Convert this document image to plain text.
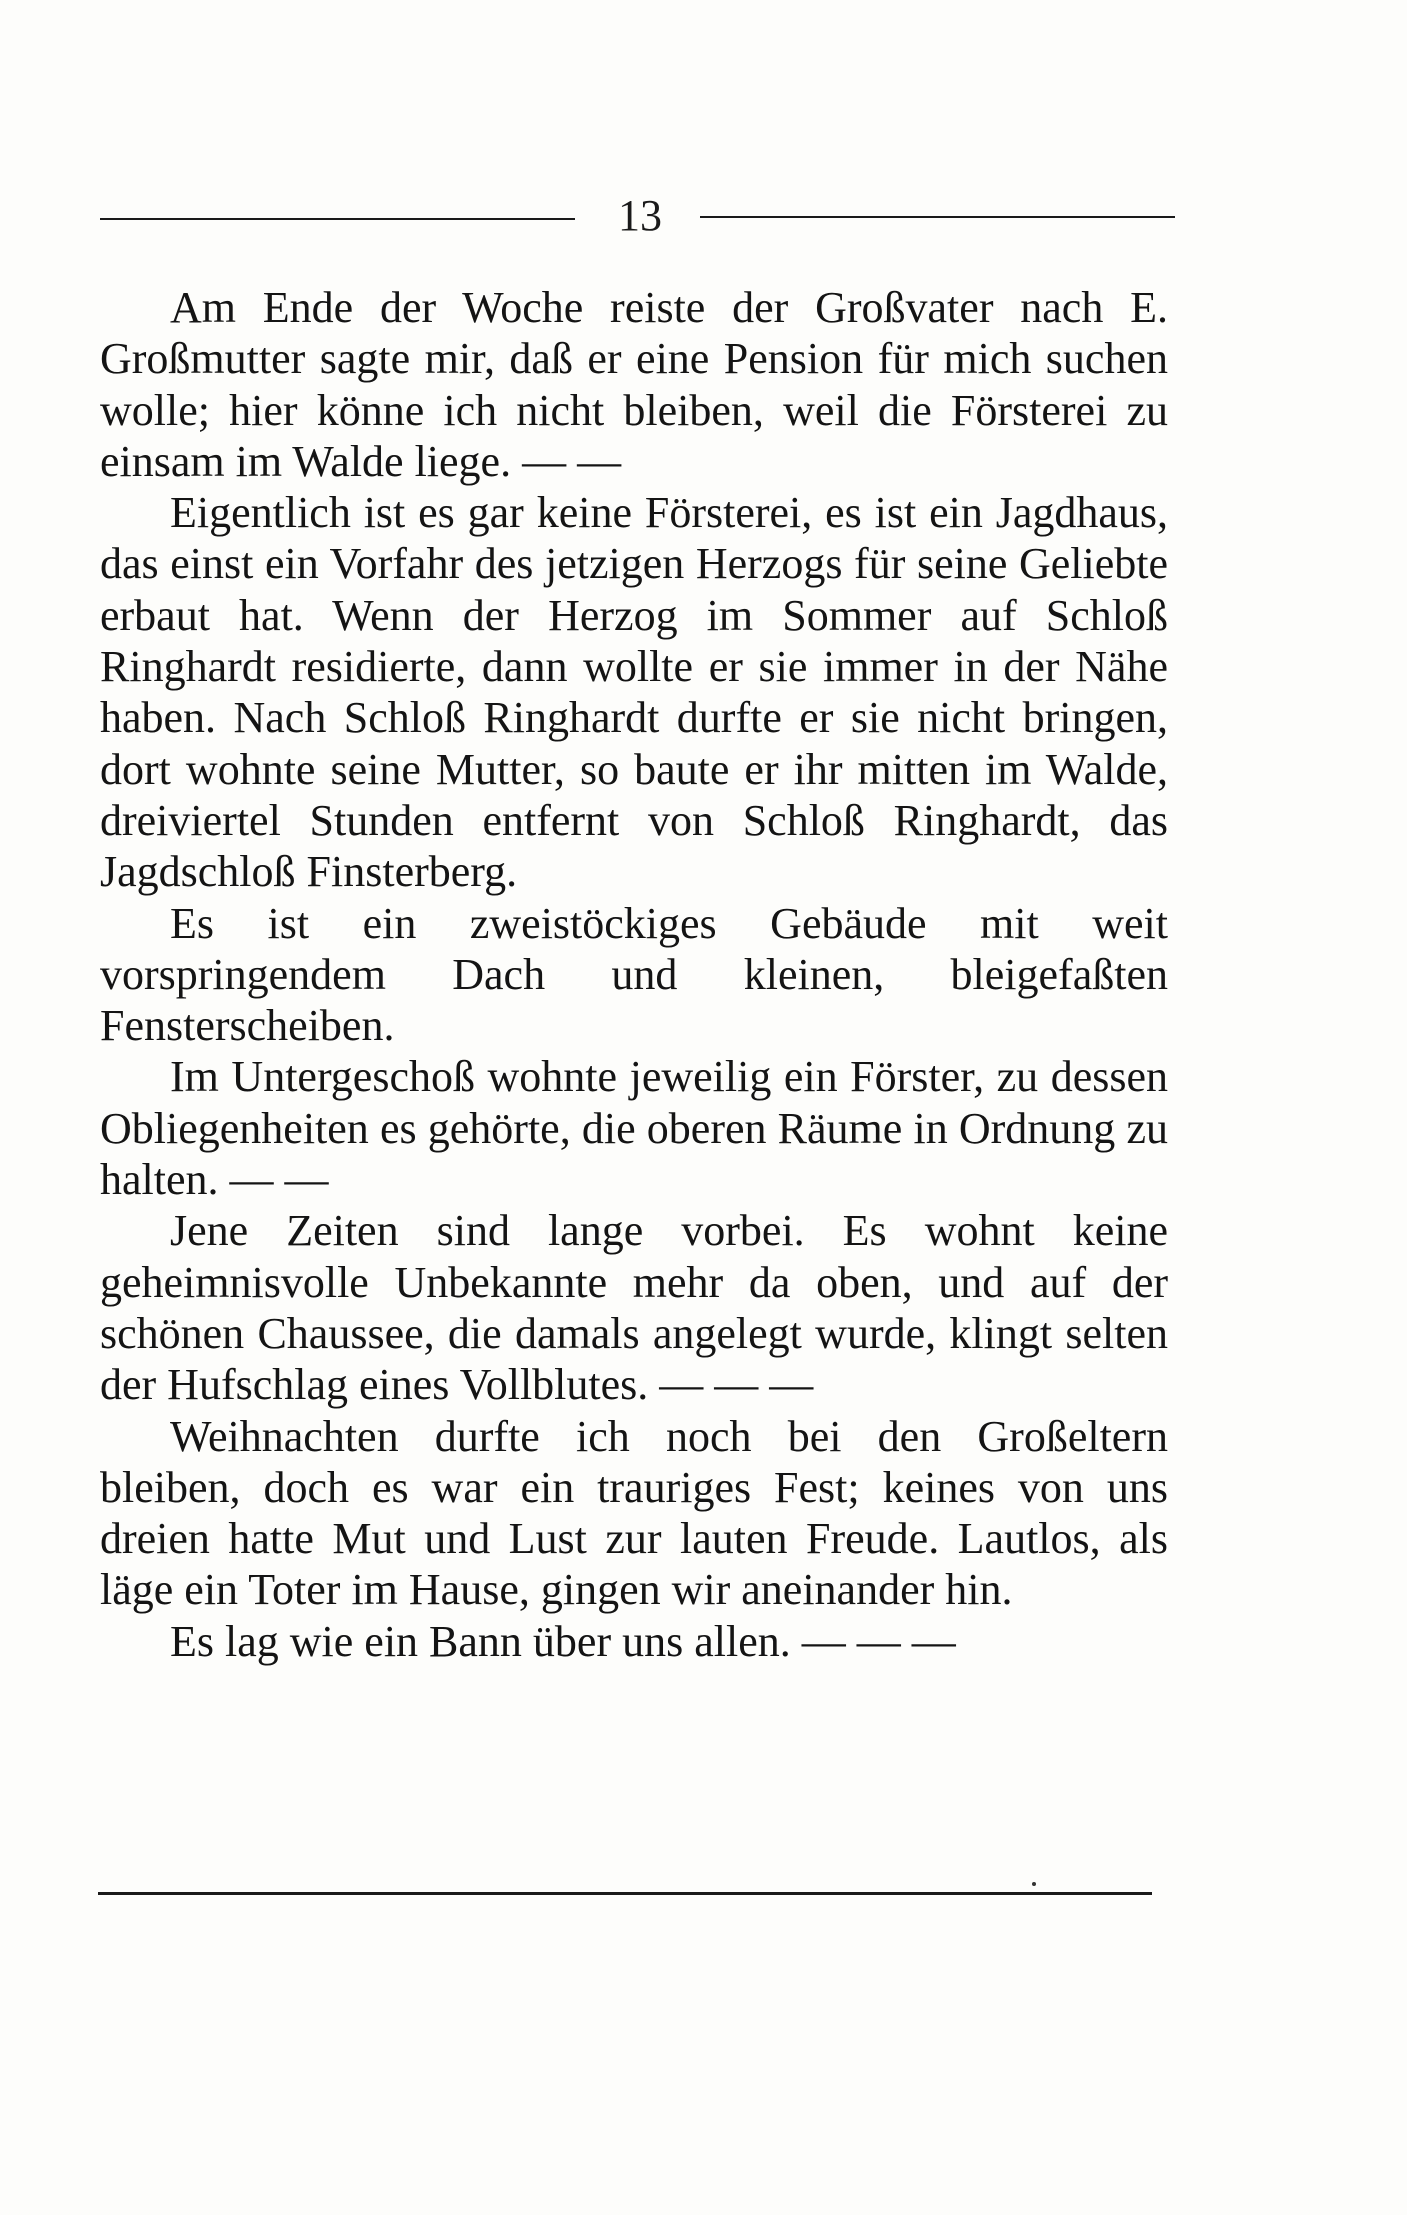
13

Am Ende der Woche reiste der Großvater nach E. Großmutter sagte mir, daß er eine Pension für mich suchen wolle; hier könne ich nicht bleiben, weil die Försterei zu einsam im Walde liege. — —

Eigentlich ist es gar keine Försterei, es ist ein Jagdhaus, das einst ein Vorfahr des jetzigen Herzogs für seine Geliebte erbaut hat. Wenn der Herzog im Sommer auf Schloß Ringhardt residierte, dann wollte er sie immer in der Nähe haben. Nach Schloß Ringhardt durfte er sie nicht bringen, dort wohnte seine Mutter, so baute er ihr mitten im Walde, dreiviertel Stunden entfernt von Schloß Ringhardt, das Jagdschloß Finsterberg.

Es ist ein zweistöckiges Gebäude mit weit vorspringendem Dach und kleinen, bleigefaßten Fensterscheiben.

Im Untergeschoß wohnte jeweilig ein Förster, zu dessen Obliegenheiten es gehörte, die oberen Räume in Ordnung zu halten. — —

Jene Zeiten sind lange vorbei. Es wohnt keine geheimnisvolle Unbekannte mehr da oben, und auf der schönen Chaussee, die damals angelegt wurde, klingt selten der Hufschlag eines Vollblutes. — — —

Weihnachten durfte ich noch bei den Großeltern bleiben, doch es war ein trauriges Fest; keines von uns dreien hatte Mut und Lust zur lauten Freude. Lautlos, als läge ein Toter im Hause, gingen wir aneinander hin.

Es lag wie ein Bann über uns allen. — — —
